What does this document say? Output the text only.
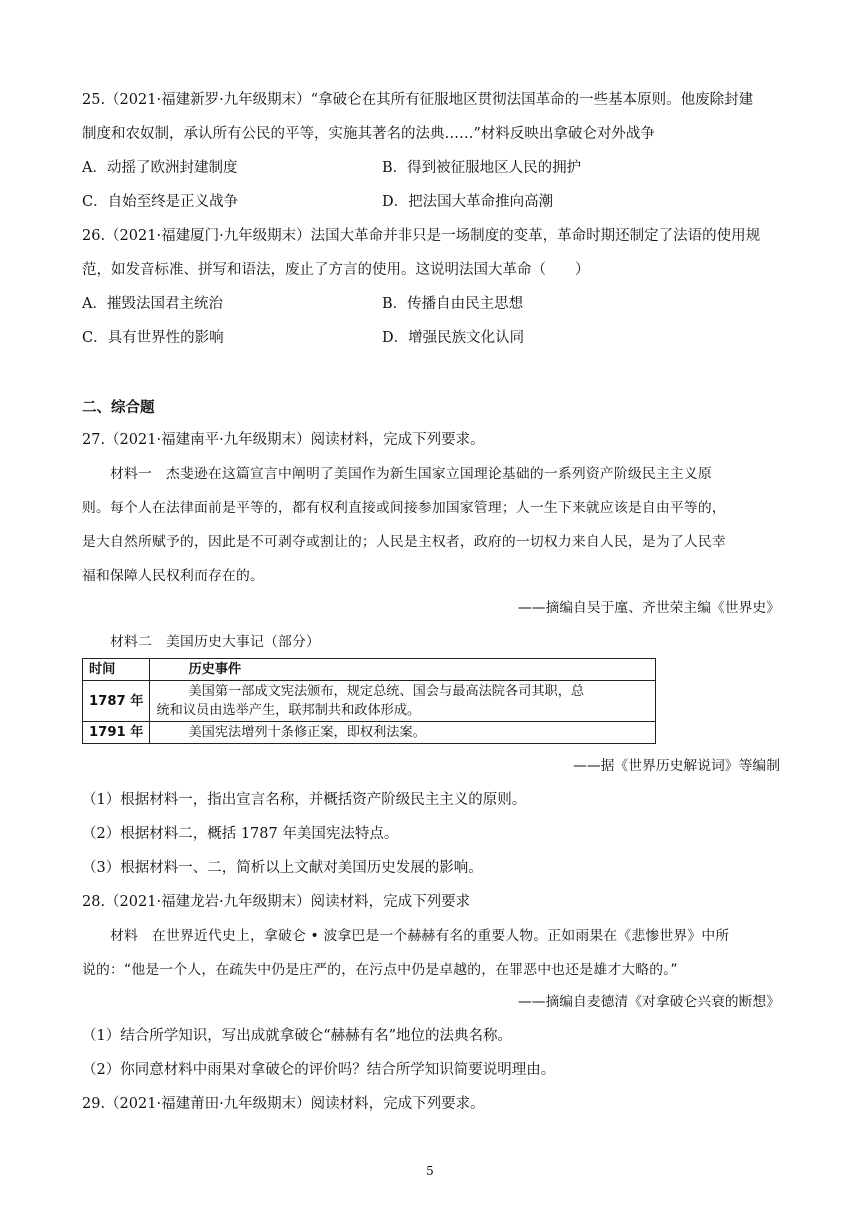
25.（2021·福建新罗·九年级期末）“拿破仑在其所有征服地区贯彻法国革命的一些基本原则。他废除封建
制度和农奴制，承认所有公民的平等，实施其著名的法典……”材料反映出拿破仑对外战争
A．动摇了欧洲封建制度	B．得到被征服地区人民的拥护
C．自始至终是正义战争	D．把法国大革命推向高潮
26.（2021·福建厦门·九年级期末）法国大革命并非只是一场制度的变革，革命时期还制定了法语的使用规
范，如发音标准、拼写和语法，废止了方言的使用。这说明法国大革命（　　）
A．摧毁法国君主统治	B．传播自由民主思想
C．具有世界性的影响	D．增强民族文化认同
二、综合题
27.（2021·福建南平·九年级期末）阅读材料，完成下列要求。
　　材料一　杰斐逊在这篇宣言中阐明了美国作为新生国家立国理论基础的一系列资产阶级民主主义原
则。每个人在法律面前是平等的，都有权利直接或间接参加国家管理；人一生下来就应该是自由平等的，
是大自然所赋予的，因此是不可剥夺或割让的；人民是主权者，政府的一切权力来自人民，是为了人民幸
福和保障人民权利而存在的。
——摘编自吴于廑、齐世荣主编《世界史》
　　材料二　美国历史大事记（部分）
时间	历史事件
1787 年	美国第一部成文宪法颁布，规定总统、国会与最高法院各司其职，总
统和议员由选举产生，联邦制共和政体形成。

1791 年	美国宪法增列十条修正案，即权利法案。
——据《世界历史解说词》等编制
（1）根据材料一，指出宣言名称，并概括资产阶级民主主义的原则。
（2）根据材料二，概括 1787 年美国宪法特点。
（3）根据材料一、二，简析以上文献对美国历史发展的影响。
28.（2021·福建龙岩·九年级期末）阅读材料，完成下列要求
　　材料　在世界近代史上，拿破仑 • 波拿巴是一个赫赫有名的重要人物。正如雨果在《悲惨世界》中所
说的：“他是一个人，在疏失中仍是庄严的，在污点中仍是卓越的，在罪恶中也还是雄才大略的。”
——摘编自麦德清《对拿破仑兴衰的断想》
（1）结合所学知识，写出成就拿破仑“赫赫有名”地位的法典名称。
（2）你同意材料中雨果对拿破仑的评价吗？结合所学知识简要说明理由。
29.（2021·福建莆田·九年级期末）阅读材料，完成下列要求。
5
